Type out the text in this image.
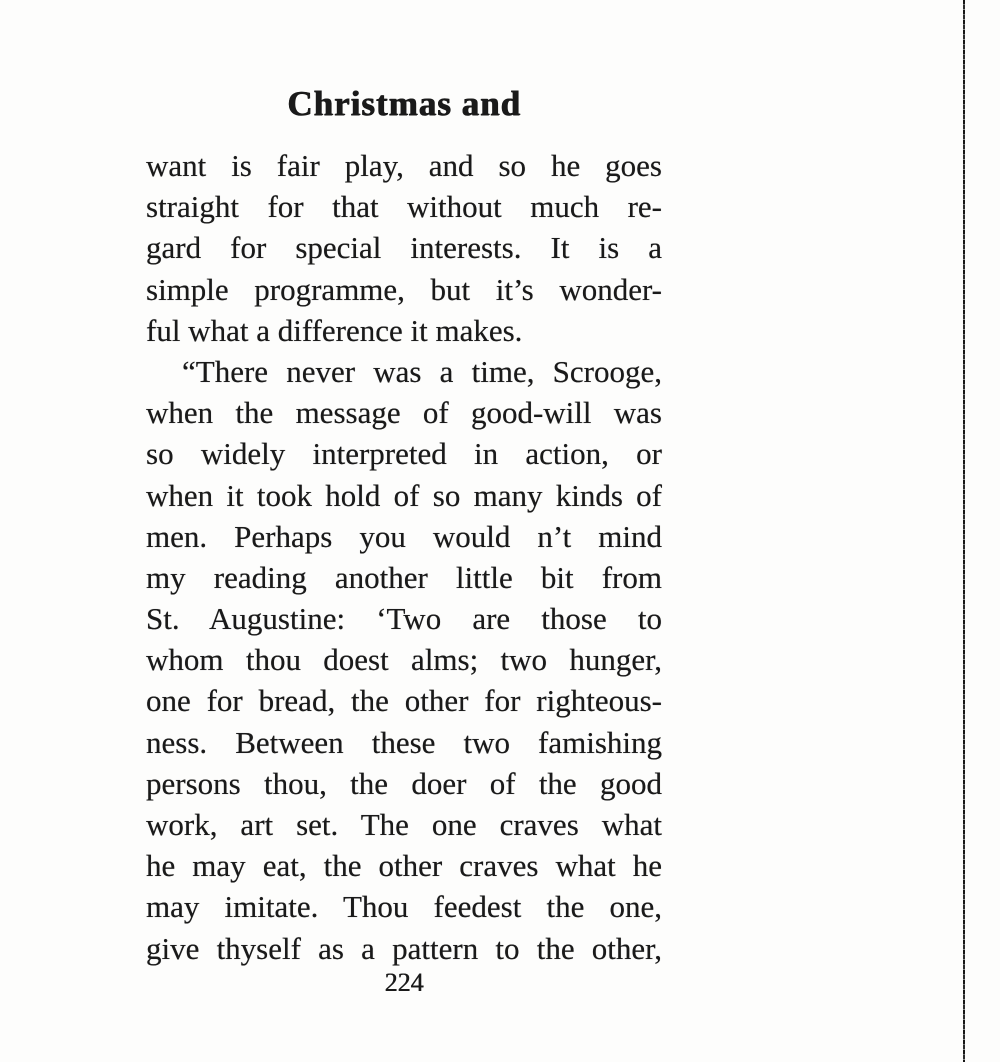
Christmas and
want is fair play, and so he goes
straight for that without much re-
gard for special interests. It is a
simple programme, but it’s wonder-
ful what a difference it makes.
“There never was a time, Scrooge,
when the message of good-will was
so widely interpreted in action, or
when it took hold of so many kinds of
men. Perhaps you would n’t mind
my reading another little bit from
St. Augustine: ‘Two are those to
whom thou doest alms; two hunger,
one for bread, the other for righteous-
ness. Between these two famishing
persons thou, the doer of the good
work, art set. The one craves what
he may eat, the other craves what he
may imitate. Thou feedest the one,
give thyself as a pattern to the other,
224
